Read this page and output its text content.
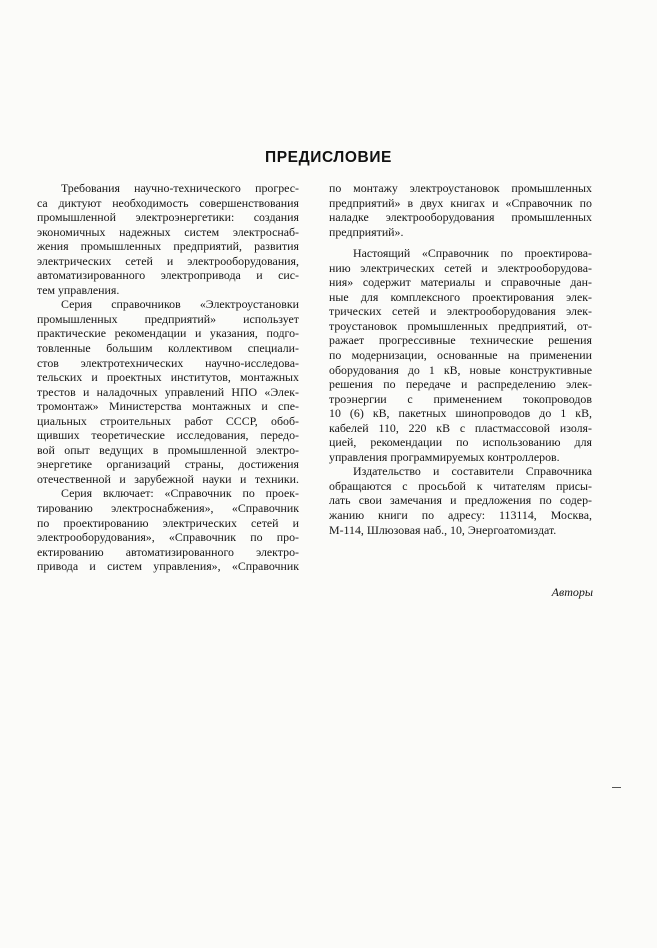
ПРЕДИСЛОВИЕ
Требования научно-технического прогрес-
са диктуют необходимость совершенствования
промышленной электроэнергетики: создания
экономичных надежных систем электроснаб-
жения промышленных предприятий, развития
электрических сетей и электрооборудования,
автоматизированного электропривода и сис-
тем управления.
Серия справочников «Электроустановки
промышленных предприятий» использует
практические рекомендации и указания, подго-
товленные большим коллективом специали-
стов электротехнических научно-исследова-
тельских и проектных институтов, монтажных
трестов и наладочных управлений НПО «Элек-
тромонтаж» Министерства монтажных и спе-
циальных строительных работ СССР, обоб-
щивших теоретические исследования, передо-
вой опыт ведущих в промышленной электро-
энергетике организаций страны, достижения
отечественной и зарубежной науки и техники.
Серия включает: «Справочник по проек-
тированию электроснабжения», «Справочник
по проектированию электрических сетей и
электрооборудования», «Справочник по про-
ектированию автоматизированного электро-
привода и систем управления», «Справочник
по монтажу электроустановок промышленных
предприятий» в двух книгах и «Справочник по
наладке электрооборудования промышленных
предприятий».
Настоящий «Справочник по проектирова-
нию электрических сетей и электрооборудова-
ния» содержит материалы и справочные дан-
ные для комплексного проектирования элек-
трических сетей и электрооборудования элек-
троустановок промышленных предприятий, от-
ражает прогрессивные технические решения
по модернизации, основанные на применении
оборудования до 1 кВ, новые конструктивные
решения по передаче и распределению элек-
троэнергии с применением токопроводов
10 (6) кВ, пакетных шинопроводов до 1 кВ,
кабелей 110, 220 кВ с пластмассовой изоля-
цией, рекомендации по использованию для
управления программируемых контроллеров.
Издательство и составители Справочника
обращаются с просьбой к читателям присы-
лать свои замечания и предложения по содер-
жанию книги по адресу: 113114, Москва,
М-114, Шлюзовая наб., 10, Энергоатомиздат.
Авторы
